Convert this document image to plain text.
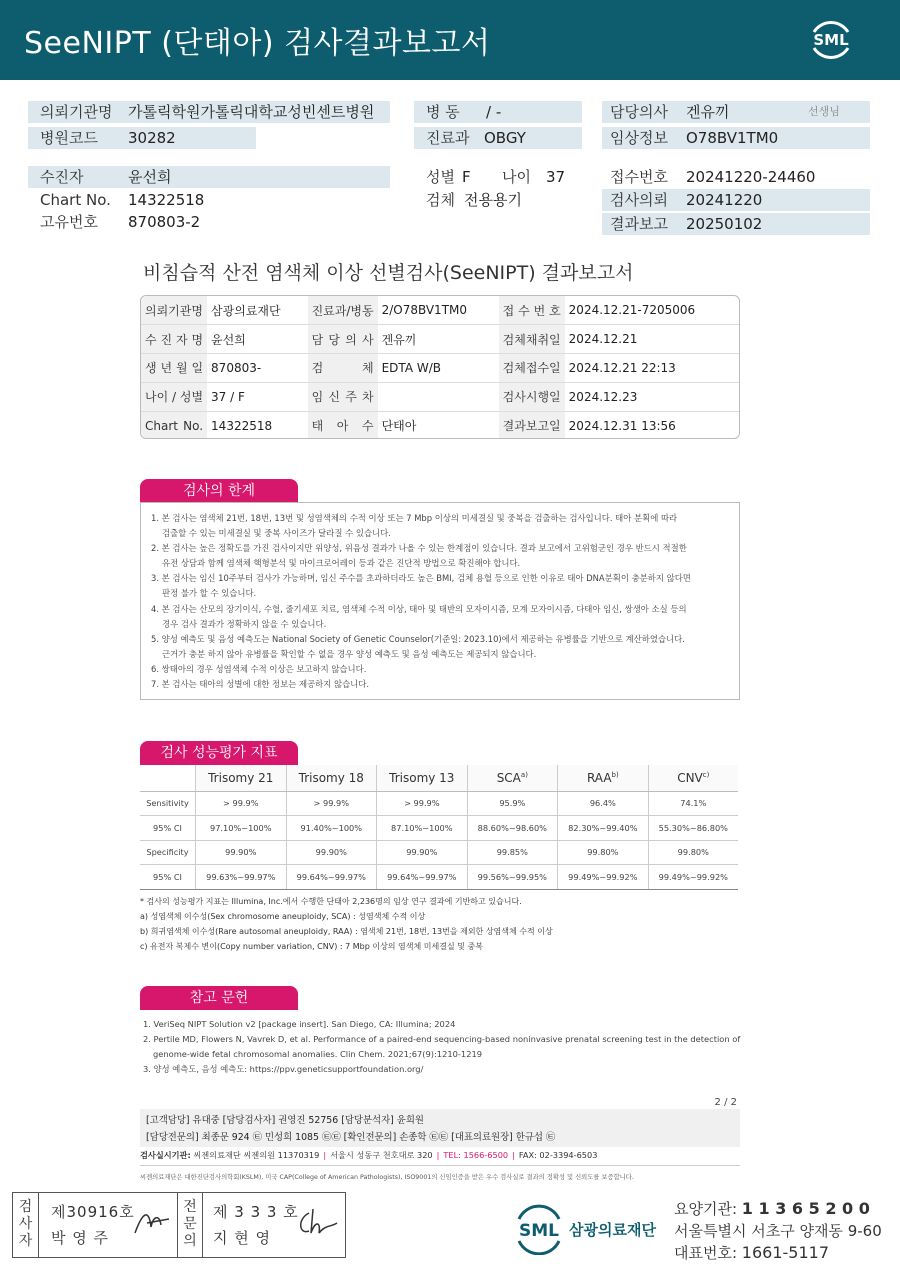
SeeNIPT (단태아) 검사결과보고서	SML
의뢰기관명 가톨릭학원가톨릭대학교성빈센트병원	병 동 / -	담당의사 겐유끼	선생님
병원코드 30282	진료과 OBGY	임상정보 O78BV1TM0
수진자	윤선희	성별 F 나이 37	접수번호 20241220-24460
Chart No. 14322518	검체 전용용기	검사의뢰 20241220
고유번호 870803-2	결과보고 20250102
비침습적 산전 염색체 이상 선별검사(SeeNIPT) 결과보고서
의뢰기관명	삼광의료재단	진료과/병동	2/O78BV1TM0	접 수 번 호	2024.12.21-7205006
수 진 자 명	윤선희	담 당 의 사	겐유끼	검체채취일	2024.12.21
생 년 월 일	870803-	검 체	EDTA W/B	검체접수일	2024.12.21 22:13
나이 / 성별	37 / F	임 신 주 차		검사시행일	2024.12.23
Chart No.	14322518	태 아 수	단태아	결과보고일	2024.12.31 13:56
검사의 한계
1. 본 검사는 염색체 21번, 18번, 13번 및 성염색체의 수적 이상 또는 7 Mbp 이상의 미세결실 및 중복을 검출하는 검사입니다. 태아 분획에 따라
검출할 수 있는 미세결실 및 중복 사이즈가 달라질 수 있습니다.
2. 본 검사는 높은 정확도를 가진 검사이지만 위양성, 위음성 결과가 나올 수 있는 한계점이 있습니다. 결과 보고에서 고위험군인 경우 반드시 적절한
유전 상담과 함께 염색체 핵형분석 및 마이크로어레이 등과 같은 진단적 방법으로 확진해야 합니다.
3. 본 검사는 임신 10주부터 검사가 가능하며, 임신 주수를 초과하더라도 높은 BMI, 검체 용혈 등으로 인한 이유로 태아 DNA분획이 충분하지 않다면
판정 불가 할 수 있습니다.
4. 본 검사는 산모의 장기이식, 수혈, 줄기세포 치료, 염색체 수적 이상, 태아 및 태반의 모자이시즘, 모계 모자이시즘, 다태아 임신, 쌍생아 소실 등의
경우 검사 결과가 정확하지 않을 수 있습니다.
5. 양성 예측도 및 음성 예측도는 National Society of Genetic Counselor(기준일: 2023.10)에서 제공하는 유병률을 기반으로 계산하였습니다.
근거가 충분 하지 않아 유병률을 확인할 수 없을 경우 양성 예측도 및 음성 예측도는 제공되지 않습니다.
6. 쌍태아의 경우 성염색체 수적 이상은 보고하지 않습니다.
7. 본 검사는 태아의 성별에 대한 정보는 제공하지 않습니다.
검사 성능평가 지표
	Trisomy 21	Trisomy 18	Trisomy 13	SCA$^{a)}$	RAA$^{b)}$	CNV$^{c)}$
Sensitivity	> 99.9%	> 99.9%	> 99.9%	95.9%	96.4%	74.1%
95% CI	97.10%~100%	91.40%~100%	87.10%~100%	88.60%~98.60%	82.30%~99.40%	55.30%~86.80%
Specificity	99.90%	99.90%	99.90%	99.85%	99.80%	99.80%
95% CI	99.63%~99.97%	99.64%~99.97%	99.64%~99.97%	99.56%~99.95%	99.49%~99.92%	99.49%~99.92%
* 검사의 성능평가 지표는 Illumina, Inc.에서 수행한 단태아 2,236명의 임상 연구 결과에 기반하고 있습니다.
a) 성염색체 이수성(Sex chromosome aneuploidy, SCA) : 성염색체 수적 이상
b) 희귀염색체 이수성(Rare autosomal aneuploidy, RAA) : 염색체 21번, 18번, 13번을 제외한 상염색체 수적 이상
c) 유전자 복제수 변이(Copy number variation, CNV) : 7 Mbp 이상의 염색체 미세결실 및 중복
참고 문헌
1. VeriSeq NIPT Solution v2 [package insert]. San Diego, CA: Illumina; 2024
2. Pertile MD, Flowers N, Vavrek D, et al. Performance of a paired-end sequencing-based noninvasive prenatal screening test in the detection of
genome-wide fetal chromosomal anomalies. Clin Chem. 2021;67(9):1210-1219
3. 양성 예측도, 음성 예측도: https://ppv.geneticsupportfoundation.org/
2 / 2
[고객담당] 유대중 [담당검사자] 권영진 52756 [담당분석자] 윤희원
[담당전문의] 최종문 924 ㉫ 민성희 1085 ㉫㉫ [확인전문의] 손종학 ㉫㉫ [대표의료원장] 한규섭 ㉫
검사실시기관: 씨젠의료재단 씨젠의원 11370319 | 서울시 성동구 천호대로 320 | TEL: 1566-6500 | FAX: 02-3394-6503
씨젠의료재단은 대한진단검사의학회(KSLM), 미국 CAP(College of American Pathologists), ISO9001의 신임인증을 받은 우수 검사실로 결과의 정확성 및 신뢰도를 보증합니다.
검
사
자
제30916호
박 영 주
전
문
의
제 3 3 3 호
지 현 영	SML 삼광의료재단
요양기관: 1 1 3 6 5 2 0 0
서울특별시 서초구 양재동 9-60
대표번호: 1661-5117
